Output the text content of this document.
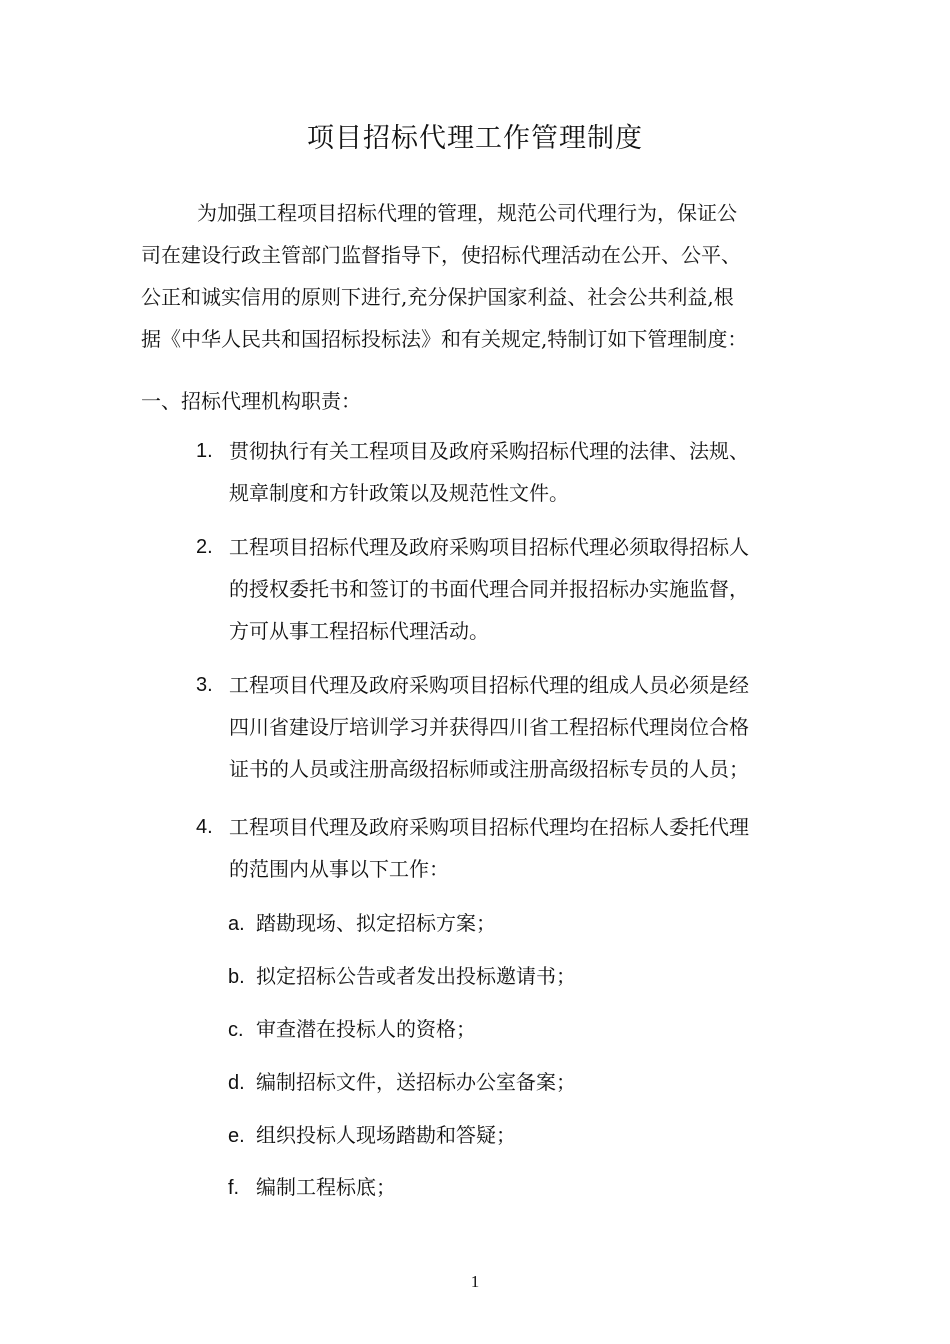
项目招标代理工作管理制度
为加强工程项目招标代理的管理，规范公司代理行为，保证公
司在建设行政主管部门监督指导下，使招标代理活动在公开、公平、
公正和诚实信用的原则下进行,充分保护国家利益、社会公共利益,根
据《中华人民共和国招标投标法》和有关规定,特制订如下管理制度：
一、招标代理机构职责：
1. 贯彻执行有关工程项目及政府采购招标代理的法律、法规、
规章制度和方针政策以及规范性文件。
2. 工程项目招标代理及政府采购项目招标代理必须取得招标人
的授权委托书和签订的书面代理合同并报招标办实施监督，
方可从事工程招标代理活动。
3. 工程项目代理及政府采购项目招标代理的组成人员必须是经
四川省建设厅培训学习并获得四川省工程招标代理岗位合格
证书的人员或注册高级招标师或注册高级招标专员的人员；
4. 工程项目代理及政府采购项目招标代理均在招标人委托代理
的范围内从事以下工作：
a. 踏勘现场、拟定招标方案；
b. 拟定招标公告或者发出投标邀请书；
c. 审查潜在投标人的资格；
d. 编制招标文件，送招标办公室备案；
e. 组织投标人现场踏勘和答疑；
f. 编制工程标底；
1
